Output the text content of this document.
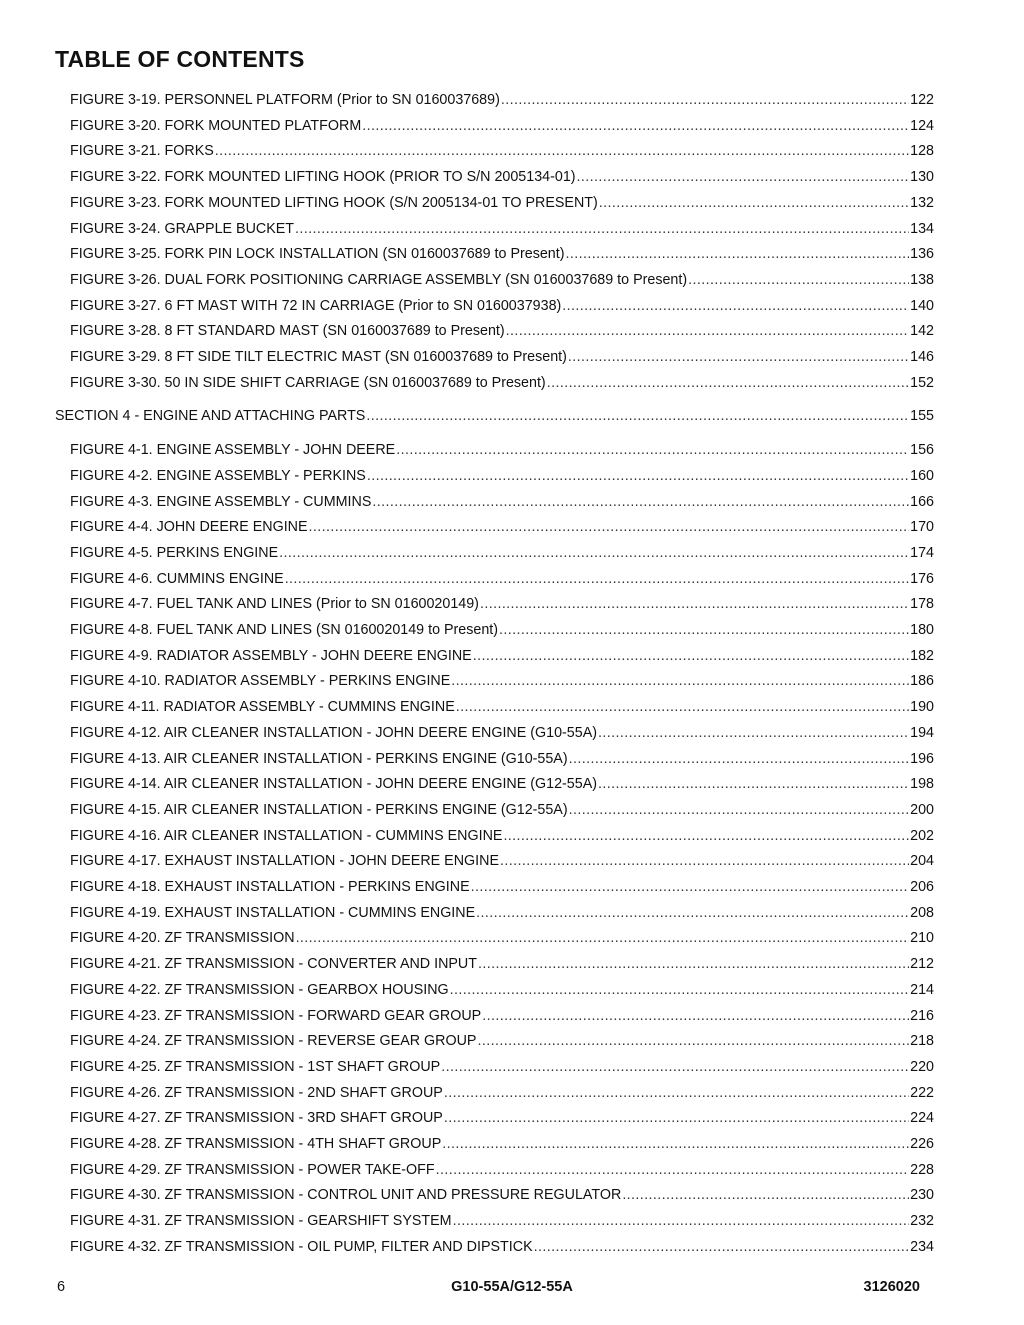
TABLE OF CONTENTS
FIGURE 3-19. PERSONNEL PLATFORM (Prior to SN 0160037689) .....	122
FIGURE 3-20. FORK MOUNTED PLATFORM .....	124
FIGURE 3-21. FORKS .....	128
FIGURE 3-22. FORK MOUNTED LIFTING HOOK (PRIOR TO S/N 2005134-01) .....	130
FIGURE 3-23. FORK MOUNTED LIFTING HOOK (S/N 2005134-01 TO PRESENT) .....	132
FIGURE 3-24. GRAPPLE BUCKET .....	134
FIGURE 3-25. FORK PIN LOCK INSTALLATION (SN 0160037689 to Present) .....	136
FIGURE 3-26. DUAL FORK POSITIONING CARRIAGE ASSEMBLY (SN 0160037689 to Present) .....	138
FIGURE 3-27. 6 FT MAST WITH 72 IN CARRIAGE (Prior to SN 0160037938) .....	140
FIGURE 3-28. 8 FT STANDARD MAST (SN 0160037689 to Present) .....	142
FIGURE 3-29. 8 FT SIDE TILT ELECTRIC MAST (SN 0160037689 to Present) .....	146
FIGURE 3-30. 50 IN SIDE SHIFT CARRIAGE (SN 0160037689 to Present) .....	152
SECTION 4 - ENGINE AND ATTACHING PARTS .....	155
FIGURE 4-1. ENGINE ASSEMBLY - JOHN DEERE .....	156
FIGURE 4-2. ENGINE ASSEMBLY - PERKINS .....	160
FIGURE 4-3. ENGINE ASSEMBLY - CUMMINS .....	166
FIGURE 4-4. JOHN DEERE ENGINE .....	170
FIGURE 4-5. PERKINS ENGINE .....	174
FIGURE 4-6. CUMMINS ENGINE .....	176
FIGURE 4-7. FUEL TANK AND LINES (Prior to SN 0160020149) .....	178
FIGURE 4-8. FUEL TANK AND LINES (SN 0160020149 to Present) .....	180
FIGURE 4-9. RADIATOR ASSEMBLY - JOHN DEERE ENGINE .....	182
FIGURE 4-10. RADIATOR ASSEMBLY - PERKINS ENGINE .....	186
FIGURE 4-11. RADIATOR ASSEMBLY - CUMMINS ENGINE .....	190
FIGURE 4-12. AIR CLEANER INSTALLATION - JOHN DEERE ENGINE (G10-55A) .....	194
FIGURE 4-13. AIR CLEANER INSTALLATION - PERKINS ENGINE (G10-55A) .....	196
FIGURE 4-14. AIR CLEANER INSTALLATION - JOHN DEERE ENGINE (G12-55A) .....	198
FIGURE 4-15. AIR CLEANER INSTALLATION - PERKINS ENGINE (G12-55A) .....	200
FIGURE 4-16. AIR CLEANER INSTALLATION - CUMMINS ENGINE .....	202
FIGURE 4-17. EXHAUST INSTALLATION - JOHN DEERE ENGINE .....	204
FIGURE 4-18. EXHAUST INSTALLATION - PERKINS ENGINE .....	206
FIGURE 4-19. EXHAUST INSTALLATION - CUMMINS ENGINE .....	208
FIGURE 4-20. ZF TRANSMISSION .....	210
FIGURE 4-21. ZF TRANSMISSION - CONVERTER AND INPUT .....	212
FIGURE 4-22. ZF TRANSMISSION - GEARBOX HOUSING .....	214
FIGURE 4-23. ZF TRANSMISSION - FORWARD GEAR GROUP .....	216
FIGURE 4-24. ZF TRANSMISSION - REVERSE GEAR GROUP .....	218
FIGURE 4-25. ZF TRANSMISSION - 1ST SHAFT GROUP .....	220
FIGURE 4-26. ZF TRANSMISSION - 2ND SHAFT GROUP .....	222
FIGURE 4-27. ZF TRANSMISSION - 3RD SHAFT GROUP .....	224
FIGURE 4-28. ZF TRANSMISSION - 4TH SHAFT GROUP .....	226
FIGURE 4-29. ZF TRANSMISSION - POWER TAKE-OFF .....	228
FIGURE 4-30. ZF TRANSMISSION - CONTROL UNIT AND PRESSURE REGULATOR .....	230
FIGURE 4-31. ZF TRANSMISSION - GEARSHIFT SYSTEM .....	232
FIGURE 4-32. ZF TRANSMISSION - OIL PUMP, FILTER AND DIPSTICK .....	234
6	G10-55A/G12-55A	3126020
